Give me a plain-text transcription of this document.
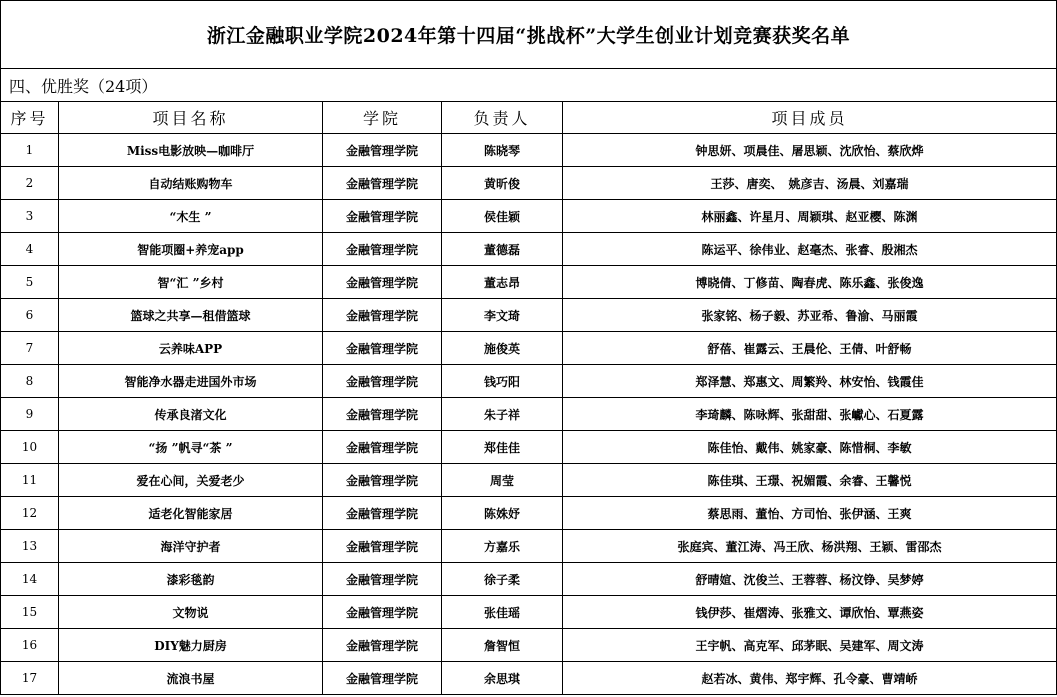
浙江金融职业学院2024年第十四届“挑战杯”大学生创业计划竞赛获奖名单				
四、优胜奖（24项）				
序号	项目名称	学院	负责人	项目成员
1	Miss电影放映—咖啡厅	金融管理学院	陈晓琴	钟思妍、项晨佳、屠思颖、沈欣怡、蔡欣烨
2	自动结账购物车	金融管理学院	黄昕俊	王莎、唐奕、　姚彦吉、汤晨、刘嘉瑞
3	“木生 ”	金融管理学院	侯佳颖	林丽鑫、许星月、周颖琪、赵亚樱、陈渊
4	智能项圈+养宠app	金融管理学院	董德磊	陈运平、徐伟业、赵毫杰、张睿、殷湘杰
5	智“汇 ”乡村	金融管理学院	董志昂	博晓倩、丁修苗、陶春虎、陈乐鑫、张俊逸
6	篮球之共享—租借篮球	金融管理学院	李文琦	张家铭、杨子毅、苏亚希、鲁渝、马丽霞
7	云养味APP	金融管理学院	施俊英	舒蓓、崔露云、王晨伦、王倩、叶舒畅
8	智能净水器走进国外市场	金融管理学院	钱巧阳	郑泽慧、郑惠文、周繁羚、林安怡、钱霞佳
9	传承良渚文化	金融管理学院	朱子祥	李琦麟、陈咏辉、张甜甜、张巘心、石夏露
10	“扬 ”帆寻“茶 ”	金融管理学院	郑佳佳	陈佳怡、戴伟、姚家豪、陈惜桐、李敏
11	爱在心间，关爱老少	金融管理学院	周莹	陈佳琪、王璟、祝媚霞、余睿、王馨悦
12	适老化智能家居	金融管理学院	陈姝妤	蔡思雨、董怡、方司怡、张伊涵、王爽
13	海洋守护者	金融管理学院	方嘉乐	张庭宾、董江涛、冯王欣、杨洪翔、王颖、雷邵杰
14	漆彩毯韵	金融管理学院	徐子柔	舒晴媗、沈俊兰、王蓉蓉、杨汶铮、吴梦婷
15	文物说	金融管理学院	张佳瑶	钱伊莎、崔熠涛、张雅文、谭欣怡、覃燕姿
16	DIY魅力厨房	金融管理学院	詹智恒	王宇帆、高克军、邱茅眠、吴建军、周文涛
17	流浪书屋	金融管理学院	余思琪	赵若冰、黄伟、郑宇辉、孔令豪、曹靖峤
